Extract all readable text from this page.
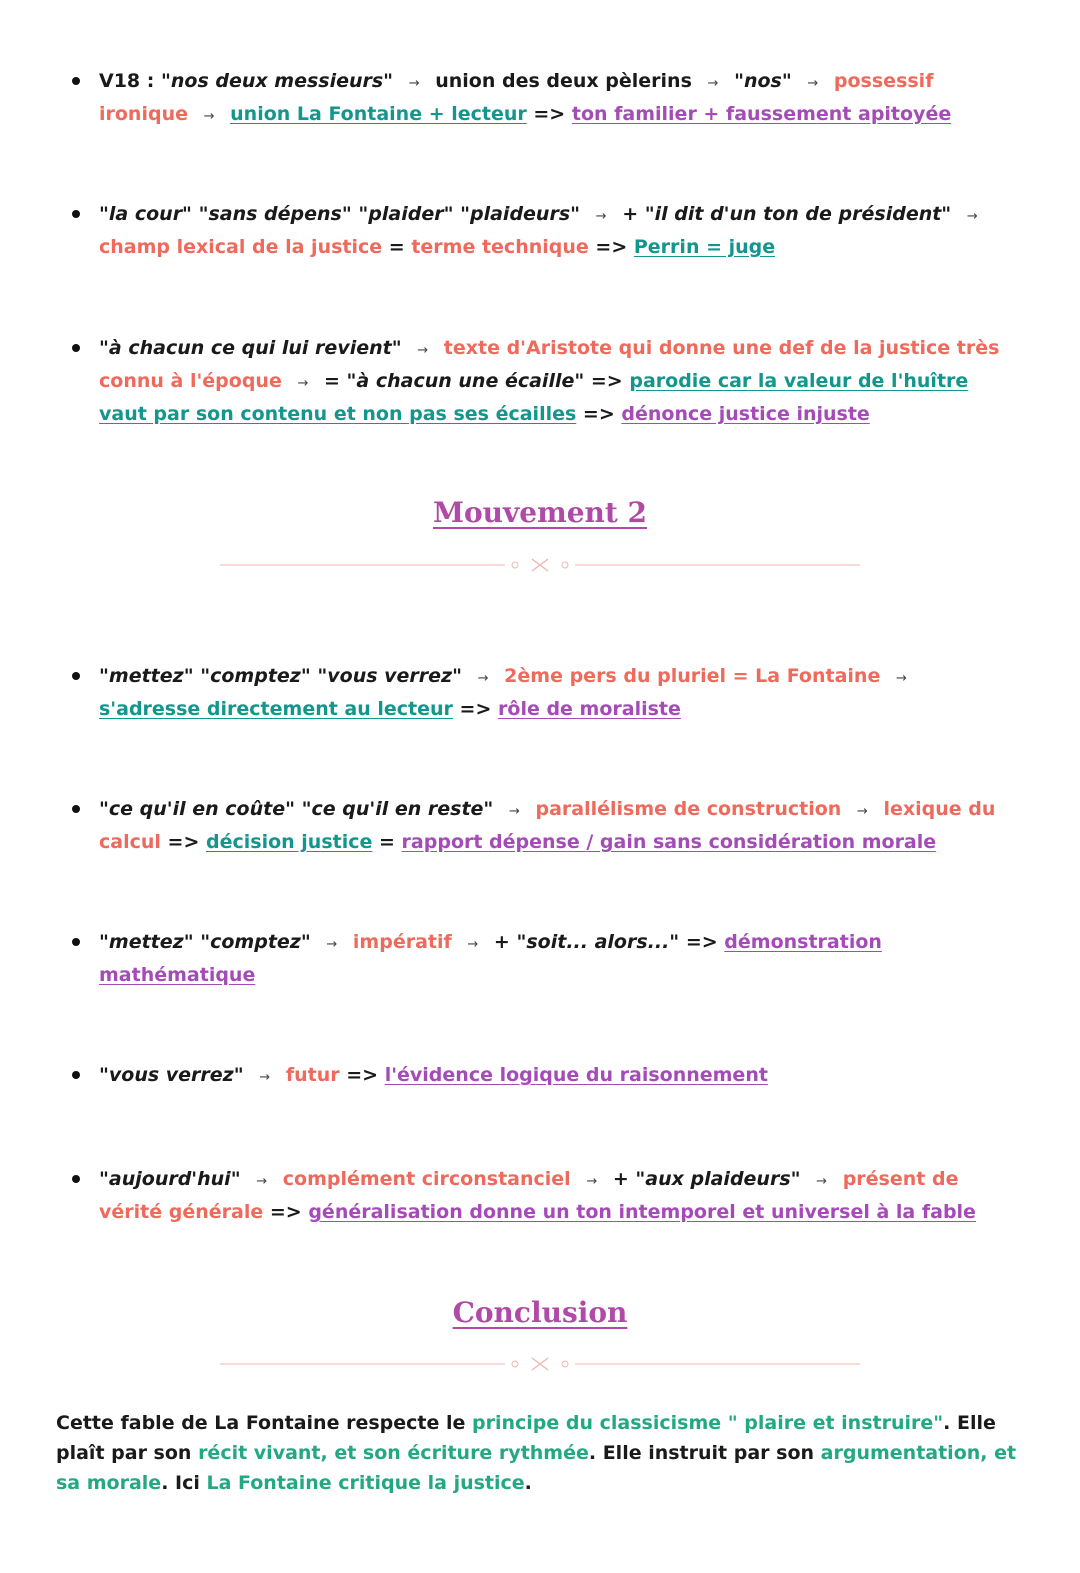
V18 : "nos deux messieurs" → union des deux pèlerins → "nos" → possessif ironique → union La Fontaine + lecteur => ton familier + faussement apitoyée
"la cour" "sans dépens" "plaider" "plaideurs" → + "il dit d'un ton de président" → champ lexical de la justice = terme technique => Perrin = juge
"à chacun ce qui lui revient" → texte d'Aristote qui donne une def de la justice très connu à l'époque → = "à chacun une écaille" => parodie car la valeur de l'huître vaut par son contenu et non pas ses écailles => dénonce justice injuste
Mouvement 2
"mettez" "comptez" "vous verrez" → 2ème pers du pluriel = La Fontaine → s'adresse directement au lecteur => rôle de moraliste
"ce qu'il en coûte" "ce qu'il en reste" → parallélisme de construction → lexique du calcul => décision justice = rapport dépense / gain sans considération morale
"mettez" "comptez" → impératif → + "soit... alors..." => démonstration mathématique
"vous verrez" → futur => l'évidence logique du raisonnement
"aujourd'hui" → complément circonstanciel → + "aux plaideurs" → présent de vérité générale => généralisation donne un ton intemporel et universel à la fable
Conclusion
Cette fable de La Fontaine respecte le principe du classicisme " plaire et instruire". Elle plaît par son récit vivant, et son écriture rythmée. Elle instruit par son argumentation, et sa morale. Ici La Fontaine critique la justice.
